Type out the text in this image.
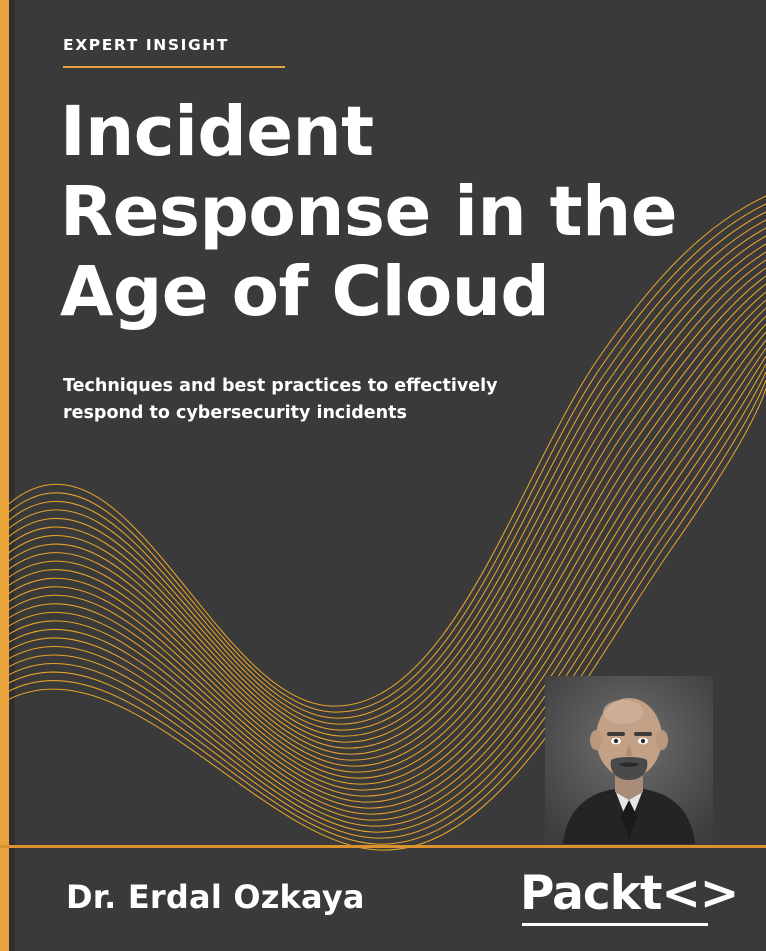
EXPERT INSIGHT
Incident
Response in the
Age of Cloud
Techniques and best practices to effectively
respond to cybersecurity incidents
Dr. Erdal Ozkaya	Packt<>
